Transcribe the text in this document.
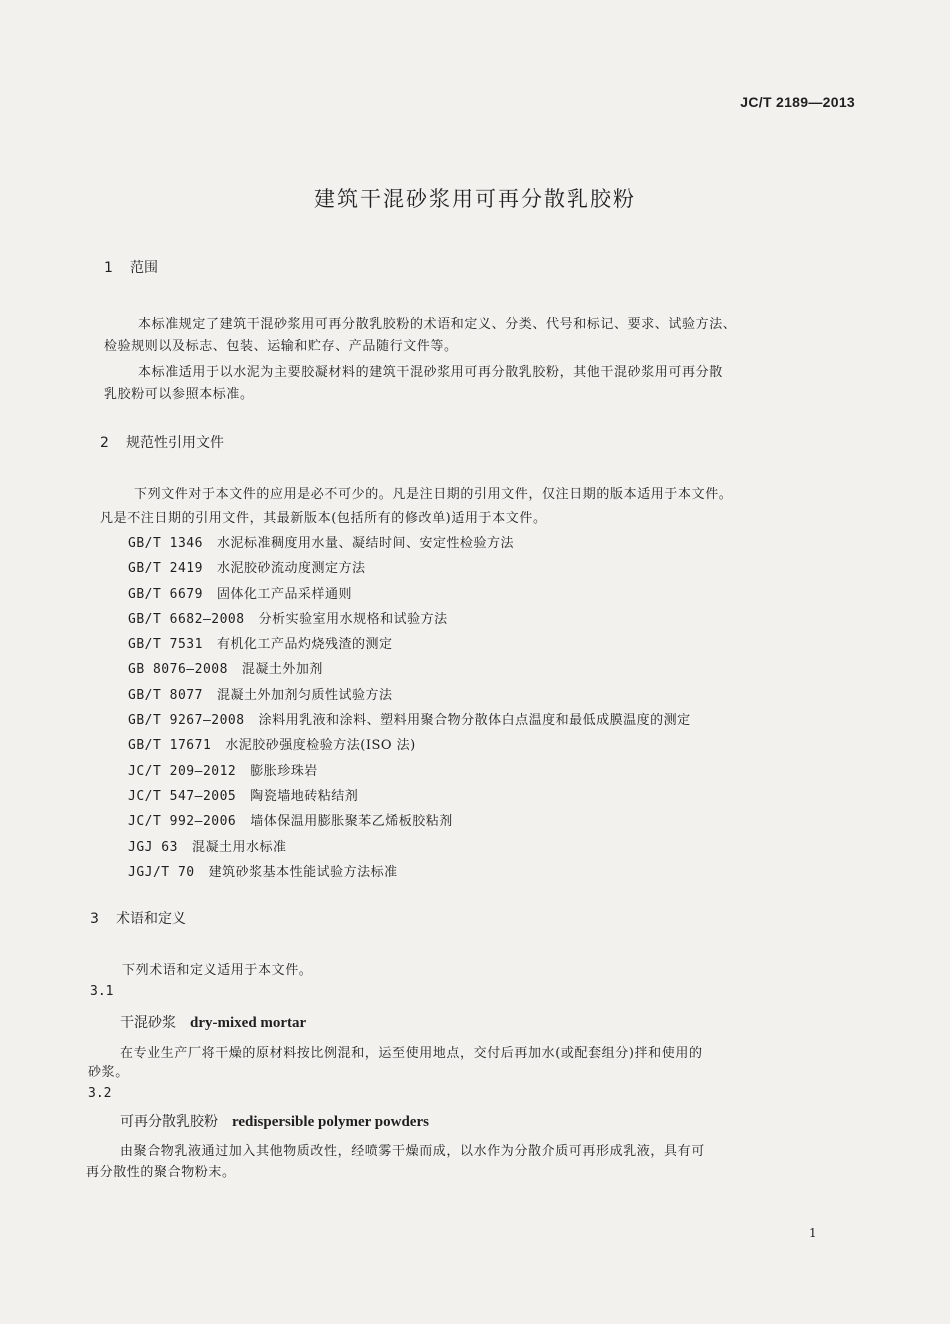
JC/T 2189—2013
建筑干混砂浆用可再分散乳胶粉
1 范围
本标准规定了建筑干混砂浆用可再分散乳胶粉的术语和定义、分类、代号和标记、要求、试验方法、
检验规则以及标志、包装、运输和贮存、产品随行文件等。
本标准适用于以水泥为主要胶凝材料的建筑干混砂浆用可再分散乳胶粉，其他干混砂浆用可再分散
乳胶粉可以参照本标准。
2 规范性引用文件
下列文件对于本文件的应用是必不可少的。凡是注日期的引用文件，仅注日期的版本适用于本文件。
凡是不注日期的引用文件，其最新版本(包括所有的修改单)适用于本文件。
GB/T 1346 水泥标准稠度用水量、凝结时间、安定性检验方法
GB/T 2419 水泥胶砂流动度测定方法
GB/T 6679 固体化工产品采样通则
GB/T 6682—2008 分析实验室用水规格和试验方法
GB/T 7531 有机化工产品灼烧残渣的测定
GB 8076—2008 混凝土外加剂
GB/T 8077 混凝土外加剂匀质性试验方法
GB/T 9267—2008 涂料用乳液和涂料、塑料用聚合物分散体白点温度和最低成膜温度的测定
GB/T 17671 水泥胶砂强度检验方法(ISO 法)
JC/T 209—2012 膨胀珍珠岩
JC/T 547—2005 陶瓷墙地砖粘结剂
JC/T 992—2006 墙体保温用膨胀聚苯乙烯板胶粘剂
JGJ 63 混凝土用水标准
JGJ/T 70 建筑砂浆基本性能试验方法标准
3 术语和定义
下列术语和定义适用于本文件。
3.1
干混砂浆 dry-mixed mortar
在专业生产厂将干燥的原材料按比例混和，运至使用地点，交付后再加水(或配套组分)拌和使用的
砂浆。
3.2
可再分散乳胶粉 redispersible polymer powders
由聚合物乳液通过加入其他物质改性，经喷雾干燥而成，以水作为分散介质可再形成乳液，具有可
再分散性的聚合物粉末。
1
